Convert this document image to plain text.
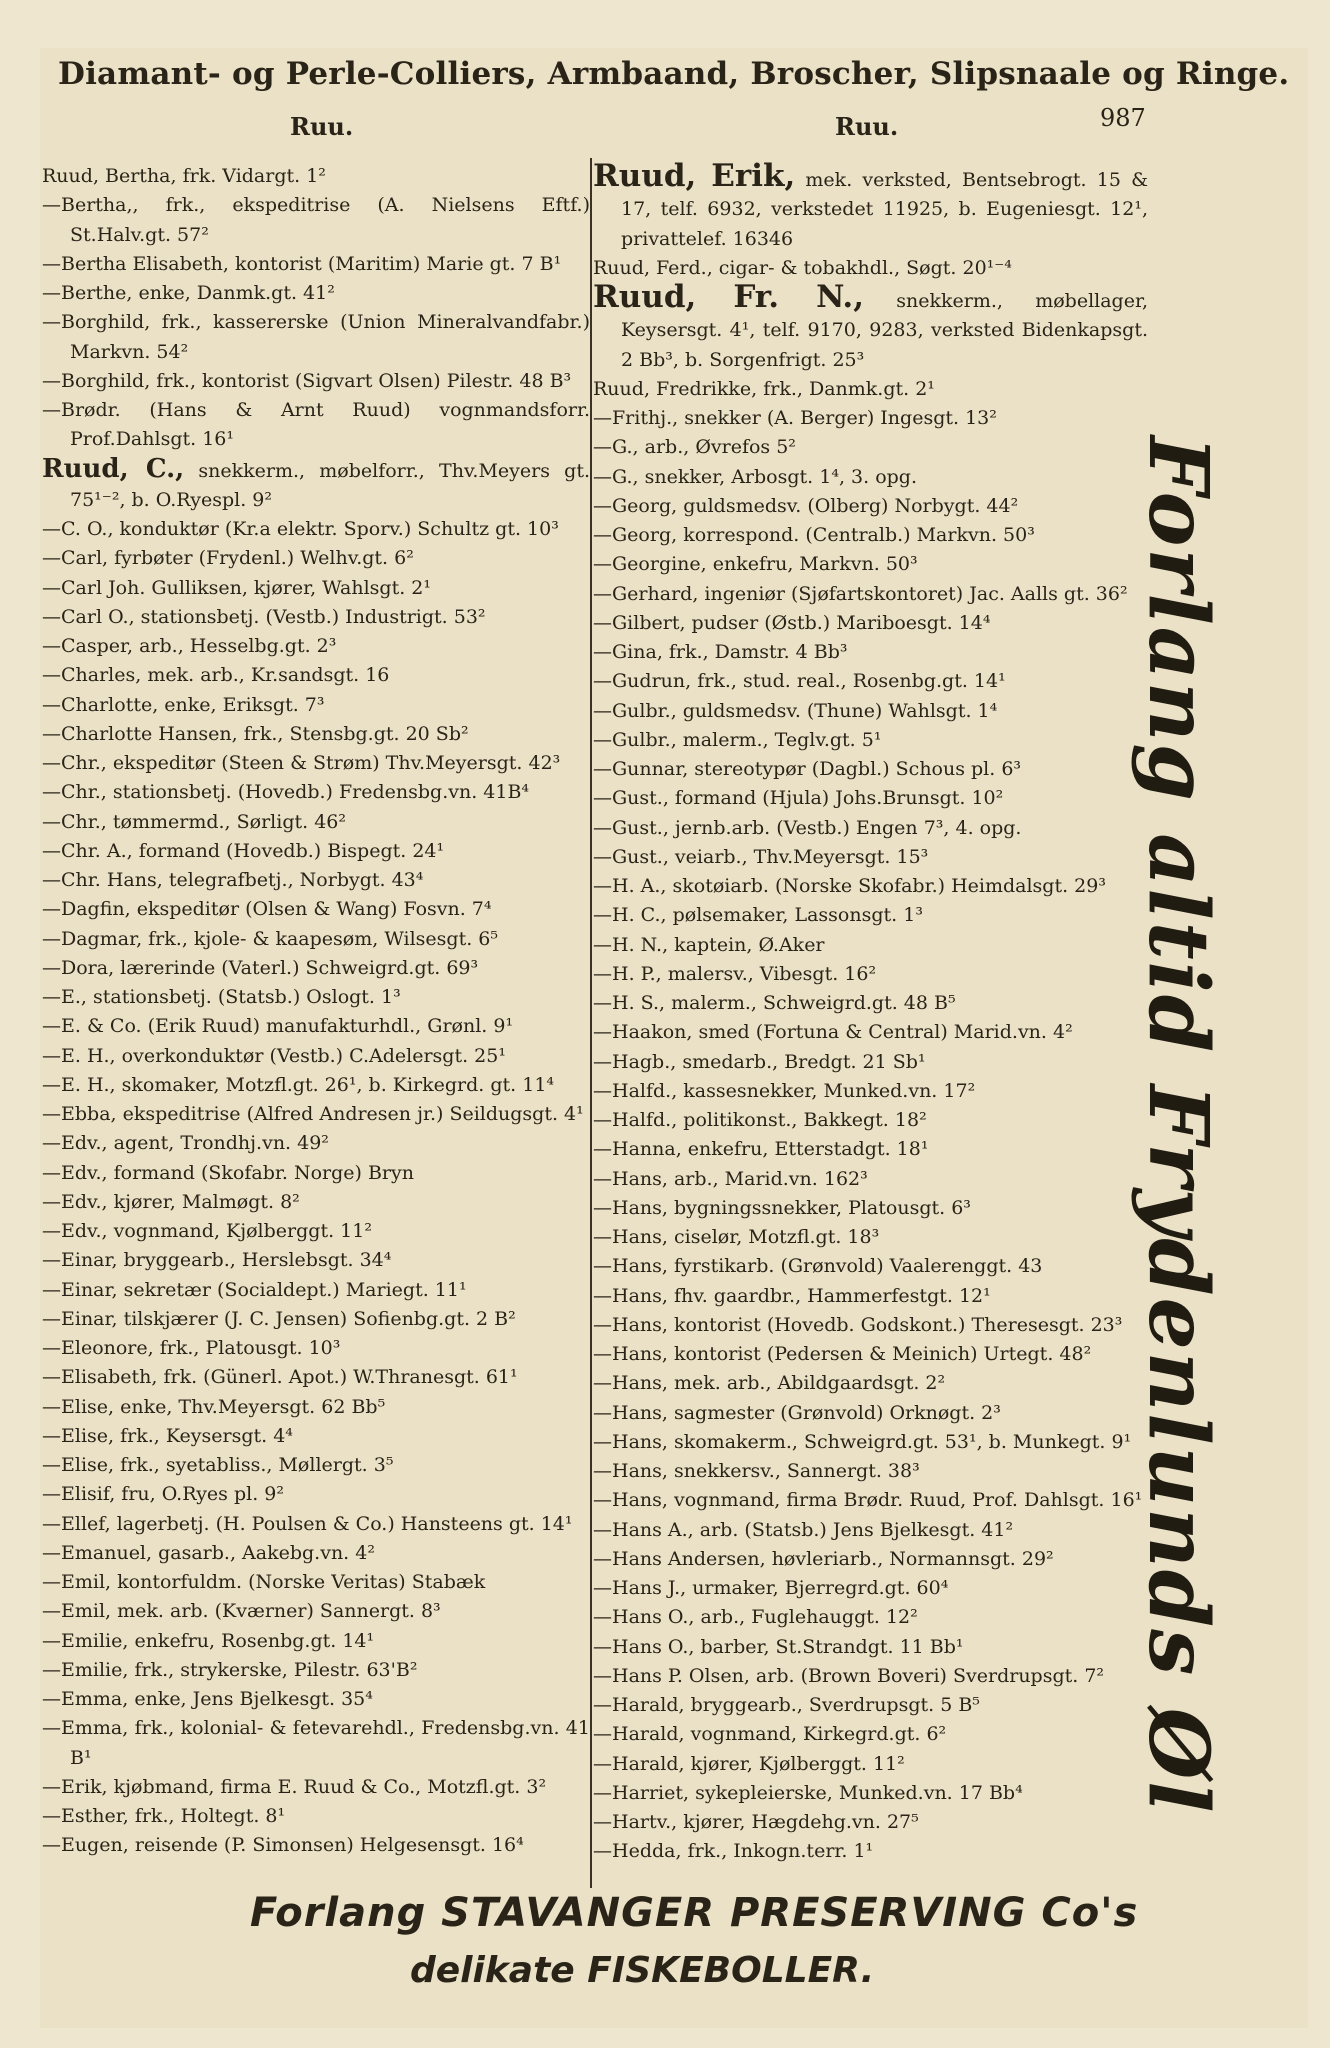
Diamant- og Perle-Colliers, Armbaand, Broscher, Slipsnaale og Ringe.
Ruu.	Ruu.	987
Ruud, Bertha, frk. Vidargt. 1²
—Bertha,, frk., ekspeditrise (A. Nielsens Eftf.) St.Halv.gt. 57²
—Bertha Elisabeth, kontorist (Maritim) Marie gt. 7 B¹
—Berthe, enke, Danmk.gt. 41²
—Borghild, frk., kassererske (Union Mineralvandfabr.) Markvn. 54²
—Borghild, frk., kontorist (Sigvart Olsen) Pilestr. 48 B³
—Brødr. (Hans & Arnt Ruud) vognmandsforr. Prof.Dahlsgt. 16¹
Ruud, C., snekkerm., møbelforr., Thv.Meyers gt. 75¹⁻², b. O.Ryespl. 9²
—C. O., konduktør (Kr.a elektr. Sporv.) Schultz gt. 10³
—Carl, fyrbøter (Frydenl.) Welhv.gt. 6²
—Carl Joh. Gulliksen, kjører, Wahlsgt. 2¹
—Carl O., stationsbetj. (Vestb.) Industrigt. 53²
—Casper, arb., Hesselbg.gt. 2³
—Charles, mek. arb., Kr.sandsgt. 16
—Charlotte, enke, Eriksgt. 7³
—Charlotte Hansen, frk., Stensbg.gt. 20 Sb²
—Chr., ekspeditør (Steen & Strøm) Thv.Meyersgt. 42³
—Chr., stationsbetj. (Hovedb.) Fredensbg.vn. 41B⁴
—Chr., tømmermd., Sørligt. 46²
—Chr. A., formand (Hovedb.) Bispegt. 24¹
—Chr. Hans, telegrafbetj., Norbygt. 43⁴
—Dagfin, ekspeditør (Olsen & Wang) Fosvn. 7⁴
—Dagmar, frk., kjole- & kaapesøm, Wilsesgt. 6⁵
—Dora, lærerinde (Vaterl.) Schweigrd.gt. 69³
—E., stationsbetj. (Statsb.) Oslogt. 1³
—E. & Co. (Erik Ruud) manufakturhdl., Grønl. 9¹
—E. H., overkonduktør (Vestb.) C.Adelersgt. 25¹
—E. H., skomaker, Motzfl.gt. 26¹, b. Kirkegrd. gt. 11⁴
—Ebba, ekspeditrise (Alfred Andresen jr.) Seildugsgt. 4¹
—Edv., agent, Trondhj.vn. 49²
—Edv., formand (Skofabr. Norge) Bryn
—Edv., kjører, Malmøgt. 8²
—Edv., vognmand, Kjølberggt. 11²
—Einar, bryggearb., Herslebsgt. 34⁴
—Einar, sekretær (Socialdept.) Mariegt. 11¹
—Einar, tilskjærer (J. C. Jensen) Sofienbg.gt. 2 B²
—Eleonore, frk., Platousgt. 10³
—Elisabeth, frk. (Günerl. Apot.) W.Thranesgt. 61¹
—Elise, enke, Thv.Meyersgt. 62 Bb⁵
—Elise, frk., Keysersgt. 4⁴
—Elise, frk., syetabliss., Møllergt. 3⁵
—Elisif, fru, O.Ryes pl. 9²
—Ellef, lagerbetj. (H. Poulsen & Co.) Hansteens gt. 14¹
—Emanuel, gasarb., Aakebg.vn. 4²
—Emil, kontorfuldm. (Norske Veritas) Stabæk
—Emil, mek. arb. (Kværner) Sannergt. 8³
—Emilie, enkefru, Rosenbg.gt. 14¹
—Emilie, frk., strykerske, Pilestr. 63'B²
—Emma, enke, Jens Bjelkesgt. 35⁴
—Emma, frk., kolonial- & fetevarehdl., Fredensbg.vn. 41 B¹
—Erik, kjøbmand, firma E. Ruud & Co., Motzfl.gt. 3²
—Esther, frk., Holtegt. 8¹
—Eugen, reisende (P. Simonsen) Helgesensgt. 16⁴
Ruud, Erik, mek. verksted, Bentsebrogt. 15 & 17, telf. 6932, verkstedet 11925, b. Eugeniesgt. 12¹, privattelef. 16346
Ruud, Ferd., cigar- & tobakhdl., Søgt. 20¹⁻⁴
Ruud, Fr. N., snekkerm., møbellager, Keysersgt. 4¹, telf. 9170, 9283, verksted Bidenkapsgt. 2 Bb³, b. Sorgenfrigt. 25³
Ruud, Fredrikke, frk., Danmk.gt. 2¹
—Frithj., snekker (A. Berger) Ingesgt. 13²
—G., arb., Øvrefos 5²
—G., snekker, Arbosgt. 1⁴, 3. opg.
—Georg, guldsmedsv. (Olberg) Norbygt. 44²
—Georg, korrespond. (Centralb.) Markvn. 50³
—Georgine, enkefru, Markvn. 50³
—Gerhard, ingeniør (Sjøfartskontoret) Jac. Aalls gt. 36²
—Gilbert, pudser (Østb.) Mariboesgt. 14⁴
—Gina, frk., Damstr. 4 Bb³
—Gudrun, frk., stud. real., Rosenbg.gt. 14¹
—Gulbr., guldsmedsv. (Thune) Wahlsgt. 1⁴
—Gulbr., malerm., Teglv.gt. 5¹
—Gunnar, stereotypør (Dagbl.) Schous pl. 6³
—Gust., formand (Hjula) Johs.Brunsgt. 10²
—Gust., jernb.arb. (Vestb.) Engen 7³, 4. opg.
—Gust., veiarb., Thv.Meyersgt. 15³
—H. A., skotøiarb. (Norske Skofabr.) Heimdalsgt. 29³
—H. C., pølsemaker, Lassonsgt. 1³
—H. N., kaptein, Ø.Aker
—H. P., malersv., Vibesgt. 16²
—H. S., malerm., Schweigrd.gt. 48 B⁵
—Haakon, smed (Fortuna & Central) Marid.vn. 4²
—Hagb., smedarb., Bredgt. 21 Sb¹
—Halfd., kassesnekker, Munked.vn. 17²
—Halfd., politikonst., Bakkegt. 18²
—Hanna, enkefru, Etterstadgt. 18¹
—Hans, arb., Marid.vn. 162³
—Hans, bygningssnekker, Platousgt. 6³
—Hans, ciselør, Motzfl.gt. 18³
—Hans, fyrstikarb. (Grønvold) Vaalerenggt. 43
—Hans, fhv. gaardbr., Hammerfestgt. 12¹
—Hans, kontorist (Hovedb. Godskont.) Theresesgt. 23³
—Hans, kontorist (Pedersen & Meinich) Urtegt. 48²
—Hans, mek. arb., Abildgaardsgt. 2²
—Hans, sagmester (Grønvold) Orknøgt. 2³
—Hans, skomakerm., Schweigrd.gt. 53¹, b. Munkegt. 9¹
—Hans, snekkersv., Sannergt. 38³
—Hans, vognmand, firma Brødr. Ruud, Prof. Dahlsgt. 16¹
—Hans A., arb. (Statsb.) Jens Bjelkesgt. 41²
—Hans Andersen, høvleriarb., Normannsgt. 29²
—Hans J., urmaker, Bjerregrd.gt. 60⁴
—Hans O., arb., Fuglehauggt. 12²
—Hans O., barber, St.Strandgt. 11 Bb¹
—Hans P. Olsen, arb. (Brown Boveri) Sverdrupsgt. 7²
—Harald, bryggearb., Sverdrupsgt. 5 B⁵
—Harald, vognmand, Kirkegrd.gt. 6²
—Harald, kjører, Kjølberggt. 11²
—Harriet, sykepleierske, Munked.vn. 17 Bb⁴
—Hartv., kjører, Hægdehg.vn. 27⁵
—Hedda, frk., Inkogn.terr. 1¹
Forlang altid Frydenlunds Øl
Forlang STAVANGER PRESERVING Co's
delikate FISKEBOLLER.
